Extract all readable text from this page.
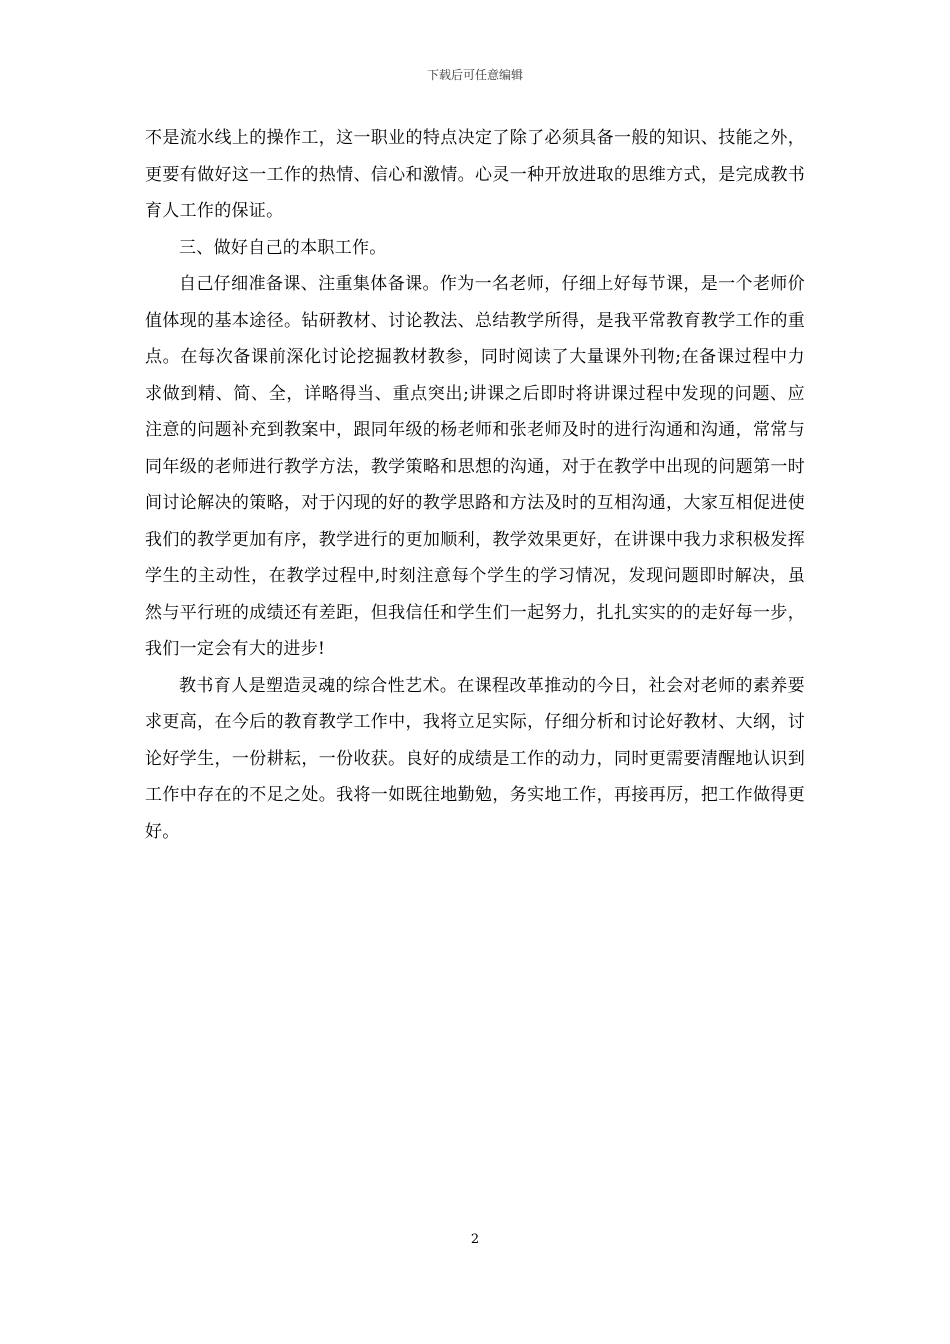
下载后可任意编辑

不是流水线上的操作工，这一职业的特点决定了除了必须具备一般的知识、技能之外，更要有做好这一工作的热情、信心和激情。心灵一种开放进取的思维方式，是完成教书育人工作的保证。

三、做好自己的本职工作。

自己仔细准备课、注重集体备课。作为一名老师，仔细上好每节课，是一个老师价值体现的基本途径。钻研教材、讨论教法、总结教学所得，是我平常教育教学工作的重点。在每次备课前深化讨论挖掘教材教参，同时阅读了大量课外刊物;在备课过程中力求做到精、简、全，详略得当、重点突出;讲课之后即时将讲课过程中发现的问题、应注意的问题补充到教案中，跟同年级的杨老师和张老师及时的进行沟通和沟通，常常与同年级的老师进行教学方法，教学策略和思想的沟通，对于在教学中出现的问题第一时间讨论解决的策略，对于闪现的好的教学思路和方法及时的互相沟通，大家互相促进使我们的教学更加有序，教学进行的更加顺利，教学效果更好，在讲课中我力求积极发挥学生的主动性，在教学过程中,时刻注意每个学生的学习情况，发现问题即时解决，虽然与平行班的成绩还有差距，但我信任和学生们一起努力，扎扎实实的的走好每一步，我们一定会有大的进步!

教书育人是塑造灵魂的综合性艺术。在课程改革推动的今日，社会对老师的素养要求更高，在今后的教育教学工作中，我将立足实际，仔细分析和讨论好教材、大纲，讨论好学生，一份耕耘，一份收获。良好的成绩是工作的动力，同时更需要清醒地认识到工作中存在的不足之处。我将一如既往地勤勉，务实地工作，再接再厉，把工作做得更好。

2
